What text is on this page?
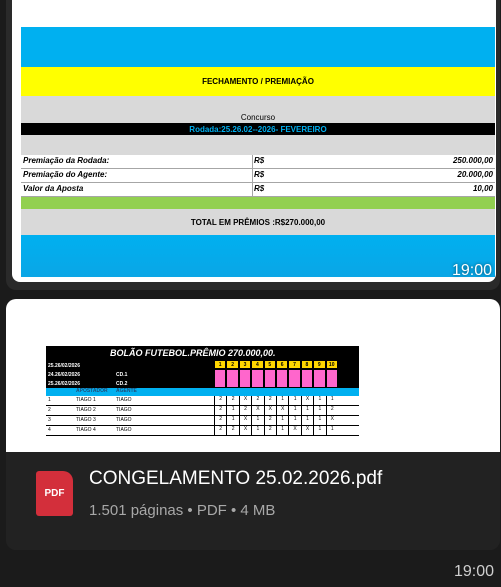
FECHAMENTO / PREMIAÇÃO
Concurso
Rodada:25.26.02--2026- FEVEREIRO
Premiação da Rodada:	R$	250.000,00
Premiação do Agente:	R$	20.000,00
Valor da Aposta	R$	10,00
TOTAL EM PRÊMIOS :R$270.000,00
19:00
BOLÃO FUTEBOL.PRÊMIO 270.000,00.
25.26/02/2026
24.26/02/2026
25.26/02/2026
CD.1
CD.2
1	2	3	4	5	6	7	8	9	10
APOSTADOR AGENTE
1	TIAGO 1	TIAGO	2	2	X	2	2	1	1	X	1	1
2	TIAGO 2	TIAGO	2	1	2	X	X	X	1	1	1	2
3	TIAGO 3	TIAGO	2	1	X	1	2	1	1	1	1	X
4	TIAGO 4	TIAGO	2	2	X	1	2	1	X	X	1	1
PDF
CONGELAMENTO 25.02.2026.pdf
1.501 páginas • PDF • 4 MB
19:00
